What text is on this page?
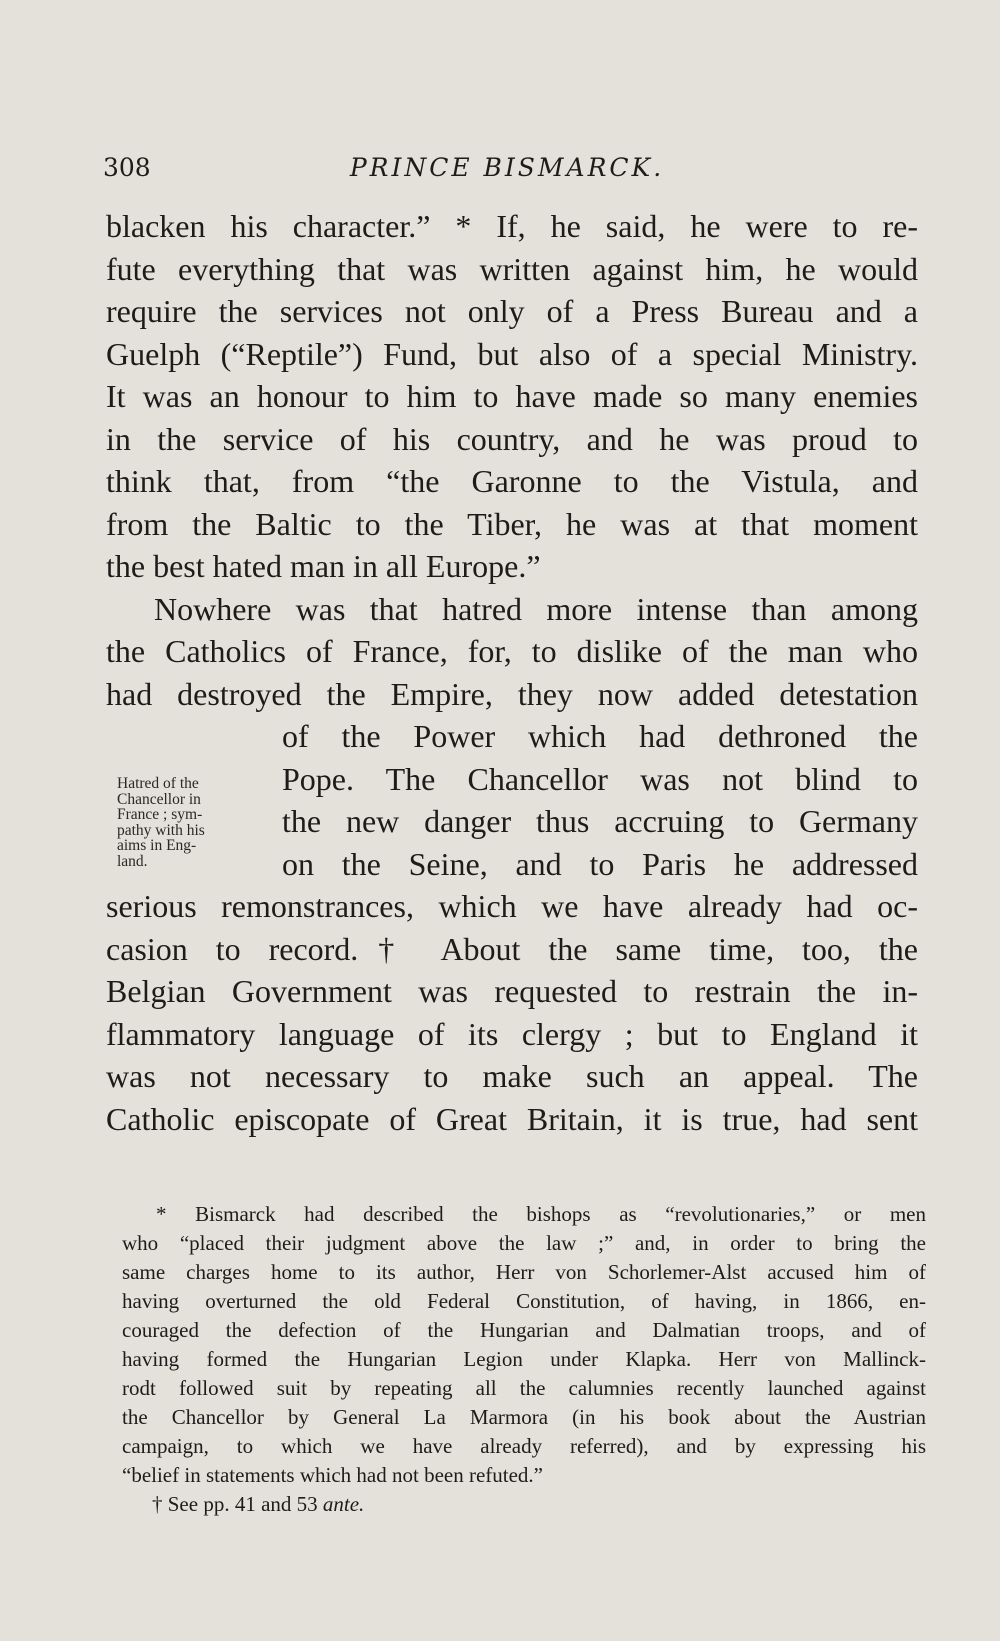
308	PRINCE BISMARCK.
blacken his character.” * If, he said, he were to re-
fute everything that was written against him, he would
require the services not only of a Press Bureau and a
Guelph (“Reptile”) Fund, but also of a special Ministry.
It was an honour to him to have made so many enemies
in the service of his country, and he was proud to
think that, from “the Garonne to the Vistula, and
from the Baltic to the Tiber, he was at that moment
the best hated man in all Europe.”
Nowhere was that hatred more intense than among
the Catholics of France, for, to dislike of the man who
had destroyed the Empire, they now added detestation
of the Power which had dethroned the
Pope. The Chancellor was not blind to
the new danger thus accruing to Germany
on the Seine, and to Paris he addressed
serious remonstrances, which we have already had oc-
casion to record.† About the same time, too, the
Belgian Government was requested to restrain the in-
flammatory language of its clergy ; but to England it
was not necessary to make such an appeal. The
Catholic episcopate of Great Britain, it is true, had sent
Hatred of the
Chancellor in
France ; sym-
pathy with his
aims in Eng-
land.
* Bismarck had described the bishops as “revolutionaries,” or men
who “placed their judgment above the law ;” and, in order to bring the
same charges home to its author, Herr von Schorlemer-Alst accused him of
having overturned the old Federal Constitution, of having, in 1866, en-
couraged the defection of the Hungarian and Dalmatian troops, and of
having formed the Hungarian Legion under Klapka. Herr von Mallinck-
rodt followed suit by repeating all the calumnies recently launched against
the Chancellor by General La Marmora (in his book about the Austrian
campaign, to which we have already referred), and by expressing his
“belief in statements which had not been refuted.”
† See pp. 41 and 53 ante.
